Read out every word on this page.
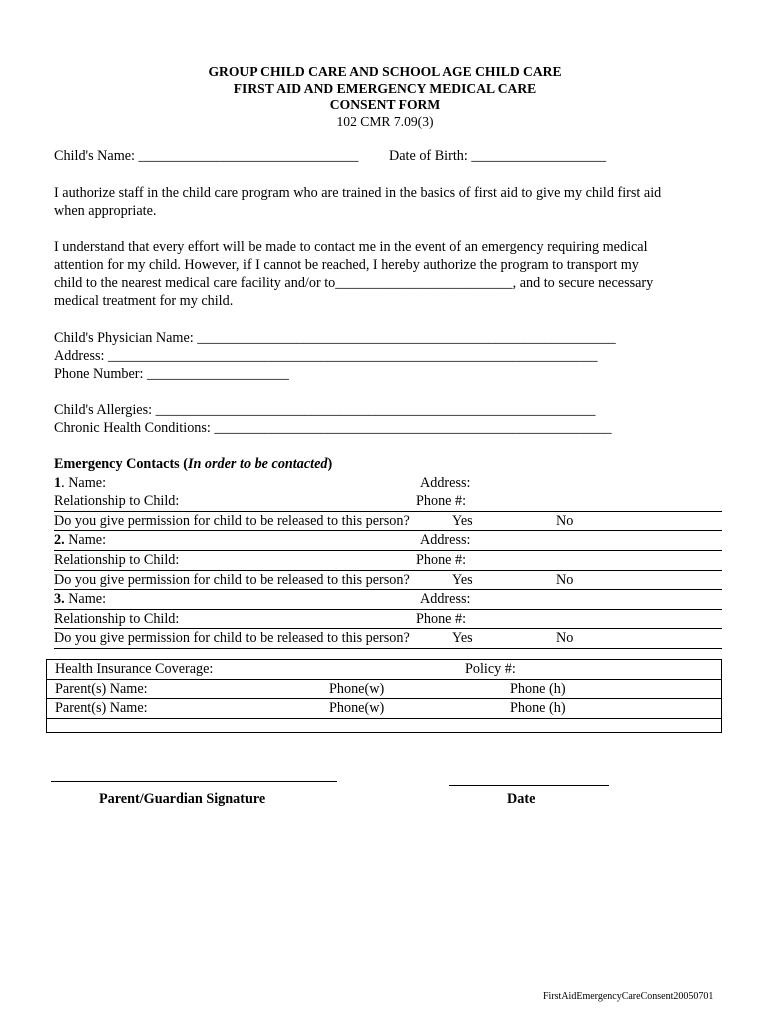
GROUP CHILD CARE AND SCHOOL AGE CHILD CARE
FIRST AID AND EMERGENCY MEDICAL CARE
CONSENT FORM
102 CMR 7.09(3)
Child's Name: _______________________________ Date of Birth: ___________________
I authorize staff in the child care program who are trained in the basics of first aid to give my child first aid
when appropriate.
I understand that every effort will be made to contact me in the event of an emergency requiring medical
attention for my child. However, if I cannot be reached, I hereby authorize the program to transport my
child to the nearest medical care facility and/or to_________________________, and to secure necessary
medical treatment for my child.
Child's Physician Name: ___________________________________________________________
Address: _____________________________________________________________________
Phone Number: ____________________
Child's Allergies: ______________________________________________________________
Chronic Health Conditions: ________________________________________________________
Emergency Contacts (In order to be contacted)
1. Name:	Address:
Relationship to Child:	Phone #:
Do you give permission for child to be released to this person?	Yes	No
2. Name:	Address:
Relationship to Child:	Phone #:
Do you give permission for child to be released to this person?	Yes	No
3. Name:	Address:
Relationship to Child:	Phone #:
Do you give permission for child to be released to this person?	Yes	No
Health Insurance Coverage:	Policy #:
Parent(s) Name:	Phone(w)	Phone (h)
Parent(s) Name:	Phone(w)	Phone (h)
Parent/Guardian Signature	Date
FirstAidEmergencyCareConsent20050701
